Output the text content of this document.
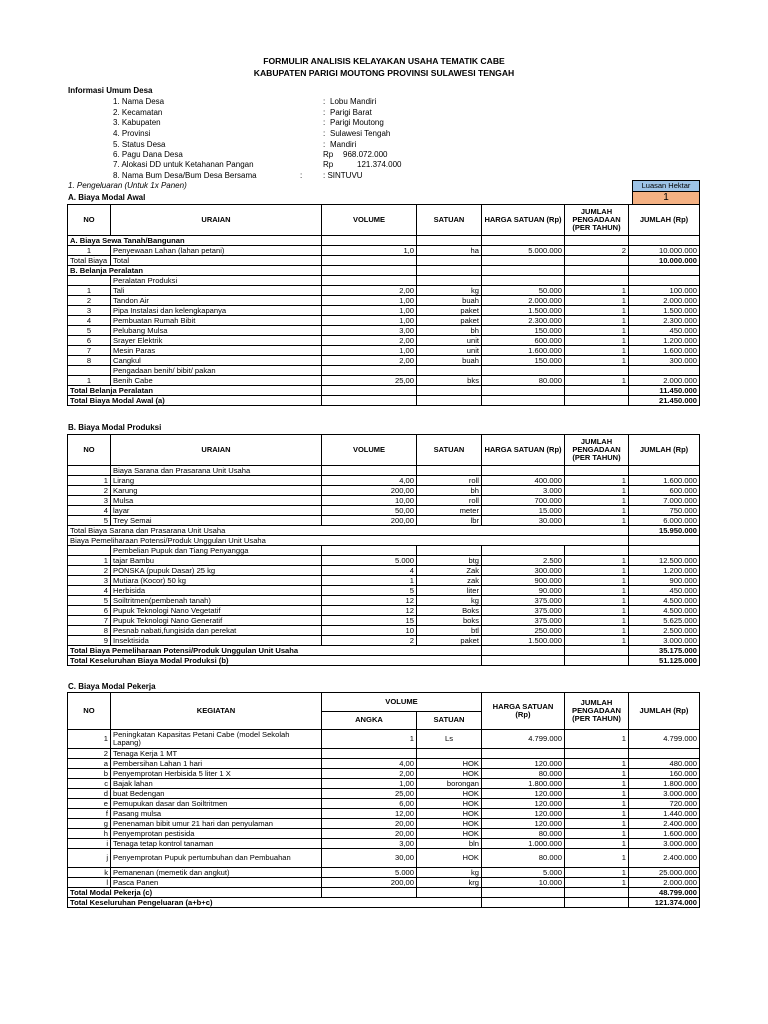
FORMULIR ANALISIS KELAYAKAN USAHA TEMATIK CABE
KABUPATEN PARIGI MOUTONG PROVINSI SULAWESI TENGAH
Informasi Umum Desa
1. Nama Desa	: Lobu Mandiri
2. Kecamatan	: Parigi Barat
3. Kabupaten	: Parigi Moutong
4. Provinsi	: Sulawesi Tengah
5. Status Desa	: Mandiri
6. Pagu Dana Desa	Rp 968.072.000
7. Alokasi DD untuk Ketahanan Pangan	Rp	121.374.000
8. Nama Bum Desa/Bum Desa Bersama	:	: SINTUVU
1. Pengeluaran (Untuk 1x Panen)	Luasan Hektar
1
A. Biaya Modal Awal
NO	URAIAN	VOLUME	SATUAN	HARGA SATUAN (Rp)	JUMLAH PENGADAAN (PER TAHUN)	JUMLAH (Rp)
A. Biaya Sewa Tanah/Bangunan						
1	Penyewaan Lahan (lahan petani)	1,0	ha	5.000.000	2	10.000.000
Total Biaya	Total					10.000.000
B. Belanja Peralatan						
	Peralatan Produksi					
1	Tali	2,00	kg	50.000	1	100.000
2	Tandon Air	1,00	buah	2.000.000	1	2.000.000
3	Pipa Instalasi dan kelengkapanya	1,00	paket	1.500.000	1	1.500.000
4	Pembuatan Rumah Bibit	1,00	paket	2.300.000	1	2.300.000
5	Pelubang Mulsa	3,00	bh	150.000	1	450.000
6	Srayer Elektrik	2,00	unit	600.000	1	1.200.000
7	Mesin Paras	1,00	unit	1.600.000	1	1.600.000
8	Cangkul	2,00	buah	150.000	1	300.000
	Pengadaan benih/ bibit/ pakan					
1	Benih Cabe	25,00	bks	80.000	1	2.000.000
Total Belanja Peralatan						11.450.000
Total Biaya Modal Awal (a)						21.450.000
B. Biaya Modal Produksi
NO	URAIAN	VOLUME	SATUAN	HARGA SATUAN (Rp)	JUMLAH PENGADAAN (PER TAHUN)	JUMLAH (Rp)
	Biaya Sarana dan Prasarana Unit Usaha					
1	Lirang	4,00	roll	400.000	1	1.600.000
2	Karung	200,00	bh	3.000	1	600.000
3	Mulsa	10,00	roll	700.000	1	7.000.000
4	layar	50,00	meter	15.000	1	750.000
5	Trey Semai	200,00	lbr	30.000	1	6.000.000
Total Biaya Sarana dan Prasarana Unit Usaha						15.950.000
Biaya Pemeliharaan Potensi/Produk Unggulan Unit Usaha						
	Pembelian Pupuk dan Tiang Penyangga					
1	tajar Bambu	5.000	btg	2.500	1	12.500.000
2	PONSKA (pupuk Dasar) 25 kg	4	Zak	300.000	1	1.200.000
3	Mutiara (Kocor) 50 kg	1	zak	900.000	1	900.000
4	Herbisida	5	liter	90.000	1	450.000
5	Soiltritmen(pembenah tanah)	12	kg	375.000	1	4.500.000
6	Pupuk Teknologi Nano Vegetatif	12	Boks	375.000	1	4.500.000
7	Pupuk Teknologi Nano Generatif	15	boks	375.000	1	5.625.000
8	Pesnab nabati,fungisida dan perekat	10	btl	250.000	1	2.500.000
9	Insektisida	2	paket	1.500.000	1	3.000.000
Total Biaya Pemeliharaan Potensi/Produk Unggulan Unit Usaha						35.175.000
Total Keseluruhan Biaya Modal Produksi (b)						51.125.000
C. Biaya Modal Pekerja
NO	KEGIATAN	VOLUME		HARGA SATUAN (Rp)	JUMLAH PENGADAAN (PER TAHUN)	JUMLAH (Rp)
		ANGKA	SATUAN			
1	Peningkatan Kapasitas Petani Cabe (model Sekolah Lapang)	1	Ls	4.799.000	1	4.799.000
2	Tenaga Kerja 1 MT					
a	Pembersihan Lahan 1 hari	4,00	HOK	120.000	1	480.000
b	Penyemprotan Herbisida 5 liter 1 X	2,00	HOK	80.000	1	160.000
c	Bajak lahan	1,00	borongan	1.800.000	1	1.800.000
d	buat Bedengan	25,00	HOK	120.000	1	3.000.000
e	Pemupukan dasar dan Soiltritmen	6,00	HOK	120.000	1	720.000
f	Pasang mulsa	12,00	HOK	120.000	1	1.440.000
g	Penenaman bibit umur 21 hari dan penyulaman	20,00	HOK	120.000	1	2.400.000
h	Penyemprotan pestisida	20,00	HOK	80.000	1	1.600.000
i	Tenaga tetap kontrol tanaman	3,00	bln	1.000.000	1	3.000.000
j	Penyemprotan Pupuk pertumbuhan dan Pembuahan	30,00	HOK	80.000	1	2.400.000
k	Pemanenan (memetik dan angkut)	5.000	kg	5.000	1	25.000.000
l	Pasca Panen	200,00	krg	10.000	1	2.000.000
Total Modal Pekerja (c)						48.799.000
Total Keseluruhan Pengeluaran (a+b+c)						121.374.000
